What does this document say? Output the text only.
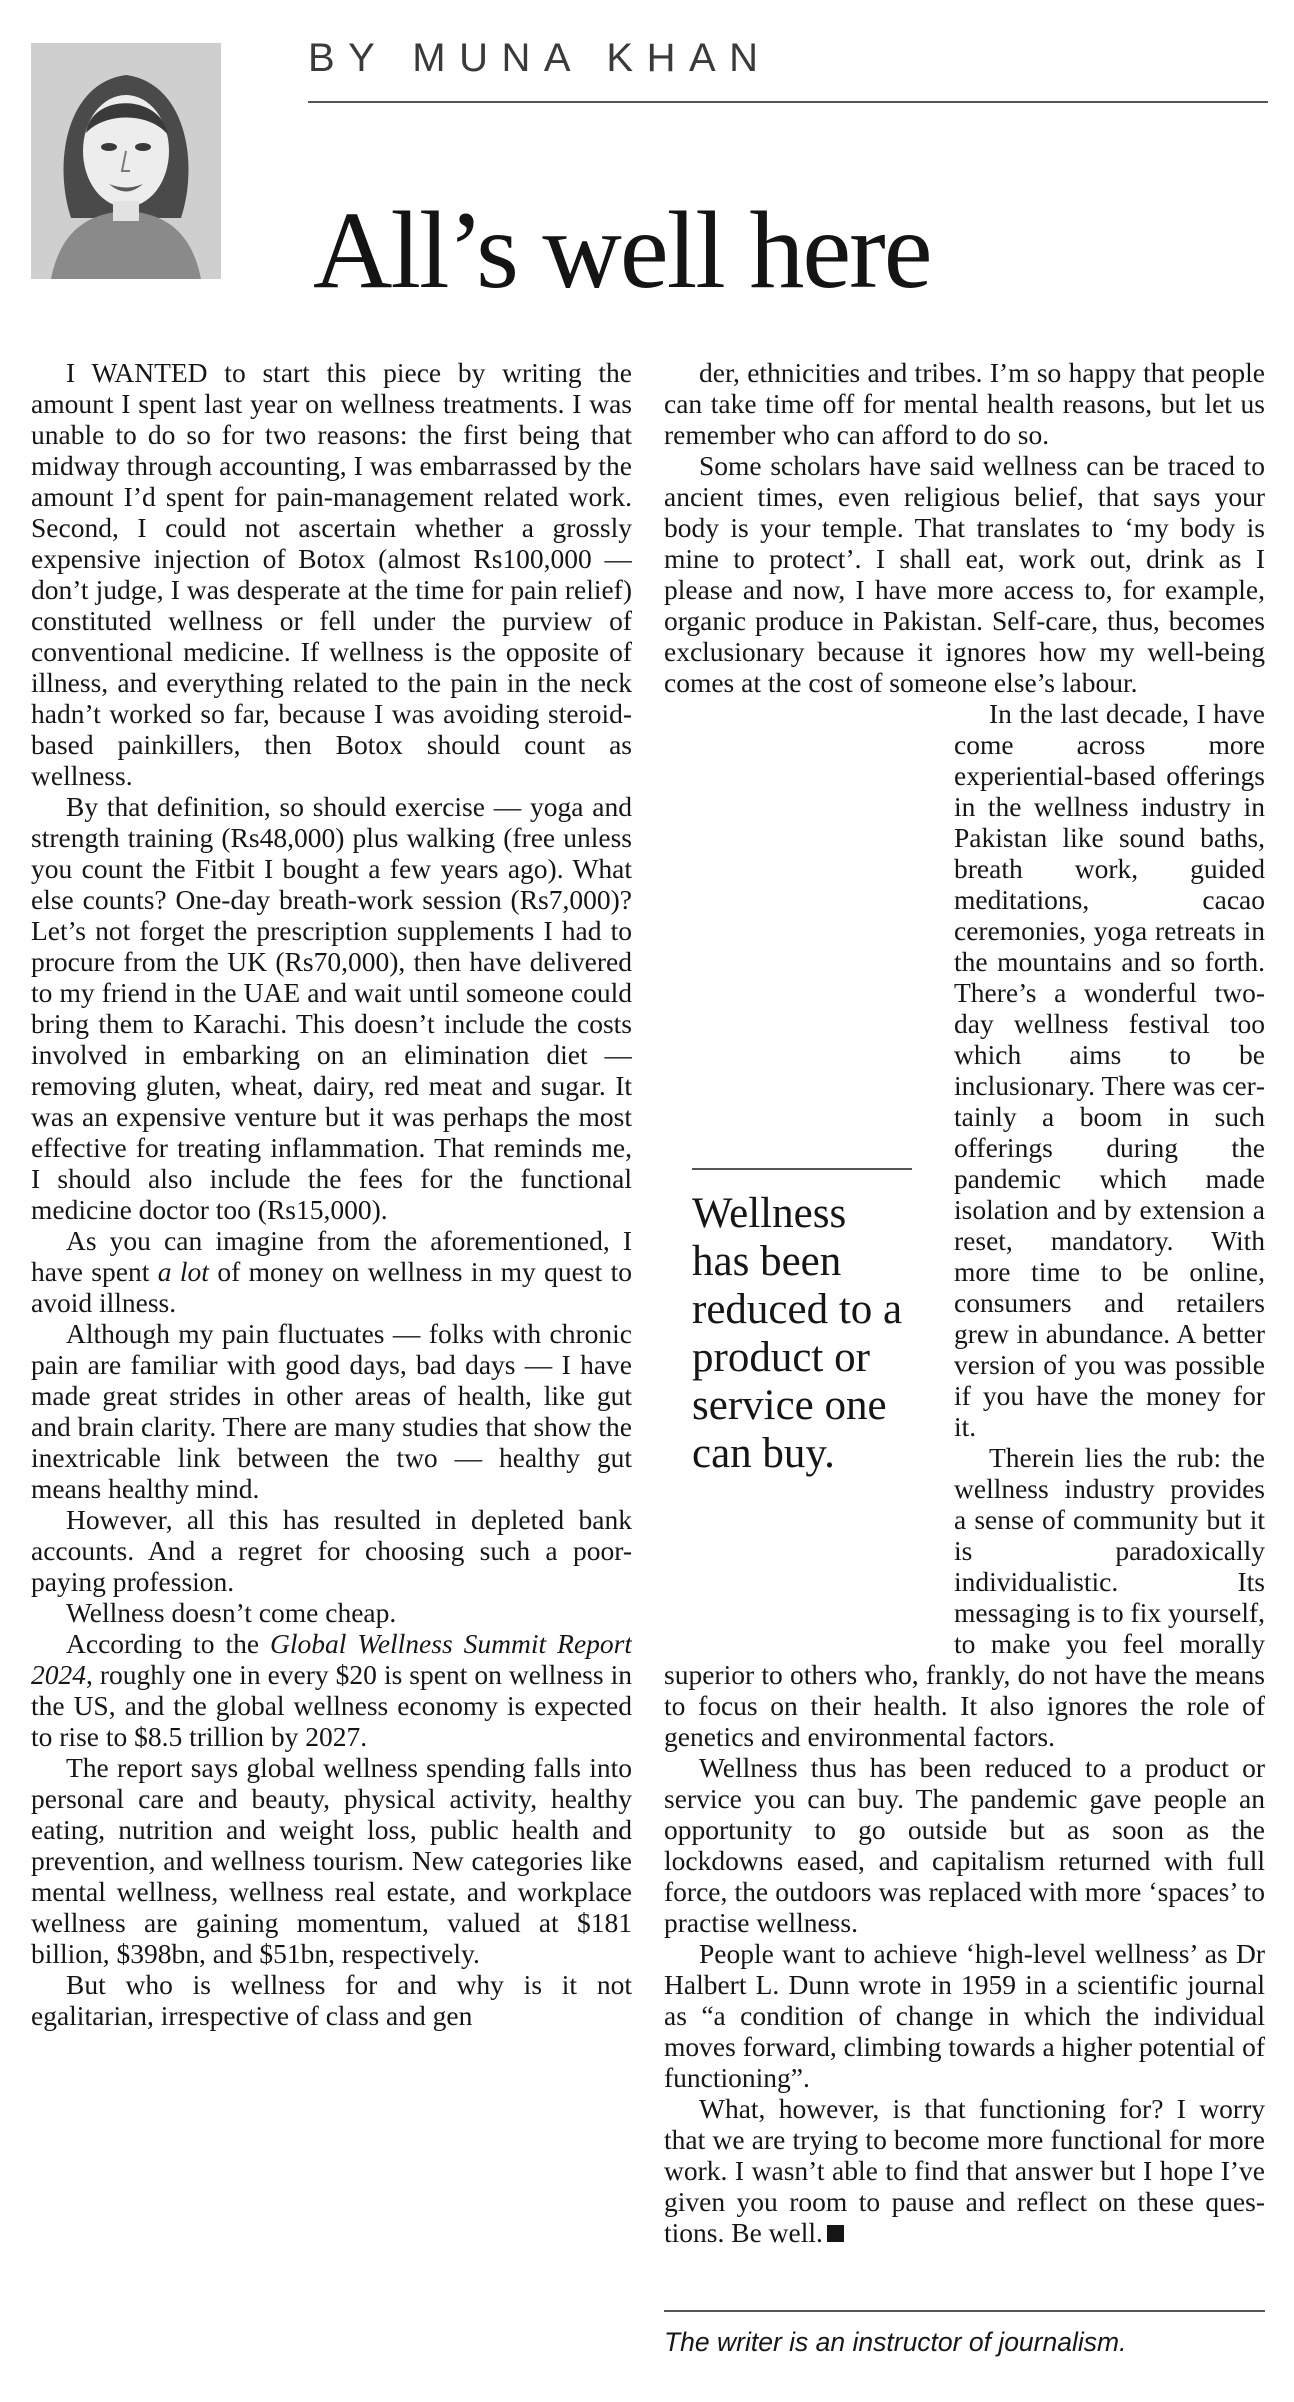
BY MUNA KHAN
All’s well here

I WANTED to start this piece by writing the amount I spent last year on wellness treatments. I was unable to do so for two reasons: the first being that midway through accounting, I was embarrassed by the amount I’d spent for pain-management related work. Second, I could not ascertain whether a grossly expensive injection of Botox (almost Rs100,000 — don’t judge, I was desperate at the time for pain relief) constituted wellness or fell under the purview of conventional medicine. If wellness is the opposite of illness, and everything related to the pain in the neck hadn’t worked so far, because I was avoiding steroid-based painkillers, then Botox should count as wellness.

By that definition, so should exercise — yoga and strength training (Rs48,000) plus walking (free unless you count the Fitbit I bought a few years ago). What else counts? One-day breath-work session (Rs7,000)? Let’s not forget the prescription supplements I had to procure from the UK (Rs70,000), then have delivered to my friend in the UAE and wait until someone could bring them to Karachi. This doesn’t include the costs involved in embarking on an elimination diet — removing gluten, wheat, dairy, red meat and sugar. It was an expensive venture but it was perhaps the most effective for treating inflammation. That reminds me, I should also include the fees for the functional medicine doctor too (Rs15,000).

As you can imagine from the aforementioned, I have spent a lot of money on wellness in my quest to avoid illness.

Although my pain fluctuates — folks with chronic pain are familiar with good days, bad days — I have made great strides in other areas of health, like gut and brain clarity. There are many studies that show the inextricable link between the two — healthy gut means healthy mind.

However, all this has resulted in depleted bank accounts. And a regret for choosing such a poor-paying profession.

Wellness doesn’t come cheap.

According to the Global Wellness Summit Report 2024, roughly one in every $20 is spent on wellness in the US, and the global wellness economy is expected to rise to $8.5 trillion by 2027.

The report says global wellness spending falls into personal care and beauty, physical activity, healthy eating, nutrition and weight loss, public health and prevention, and wellness tourism. New categories like mental wellness, wellness real estate, and workplace wellness are gaining momentum, valued at $181 billion, $398bn, and $51bn, respectively.

But who is wellness for and why is it not egalitarian, irrespective of class and gen

der, ethnicities and tribes. I’m so happy that people can take time off for mental health reasons, but let us remember who can afford to do so.

Some scholars have said wellness can be traced to ancient times, even religious belief, that says your body is your temple. That translates to ‘my body is mine to protect’. I shall eat, work out, drink as I please and now, I have more access to, for example, organic produce in Pakistan. Self-care, thus, becomes exclusionary because it ignores how my well-being comes at the cost of someone else’s labour.

In the last decade, I have come across more experiential-based offerings in the wellness industry in Pakistan like sound baths, breath work, guided meditations, cacao ceremonies, yoga retreats in the mountains and so forth. There’s a wonderful two-day wellness festival too which aims to be inclusionary. There was certainly a boom in such offerings during the pandemic which made isolation and by extension a reset, mandatory. With more time to be online, consumers and retailers grew in abundance. A better version of you was possible if you have the money for it.

Therein lies the rub: the wellness industry provides a sense of community but it is paradoxically individualistic. Its messaging is to fix yourself, to make you feel morally superior to others who, frankly, do not have the means to focus on their health. It also ignores the role of genetics and environmental factors.

Wellness thus has been reduced to a product or service you can buy. The pandemic gave people an opportunity to go outside but as soon as the lockdowns eased, and capitalism returned with full force, the outdoors was replaced with more ‘spaces’ to practise wellness.

People want to achieve ‘high-level wellness’ as Dr Halbert L. Dunn wrote in 1959 in a scientific journal as “a condition of change in which the individual moves forward, climbing towards a higher potential of functioning”.

What, however, is that functioning for? I worry that we are trying to become more functional for more work. I wasn’t able to find that answer but I hope I’ve given you room to pause and reflect on these questions. Be well.

Wellness has been reduced to a product or service one can buy.

The writer is an instructor of journalism.
